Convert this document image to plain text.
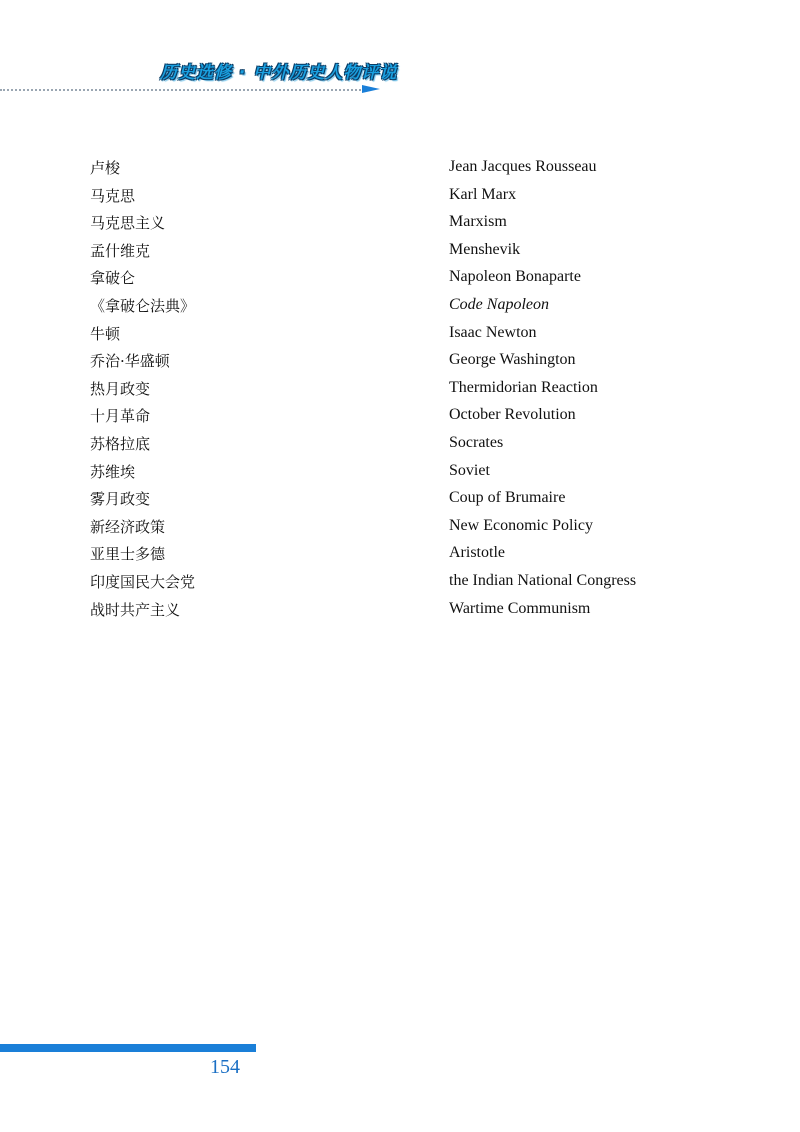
历史选修 · 中外历史人物评说
卢梭	Jean Jacques Rousseau
马克思	Karl Marx
马克思主义	Marxism
孟什维克	Menshevik
拿破仑	Napoleon Bonaparte
《拿破仑法典》	Code Napoleon
牛顿	Isaac Newton
乔治·华盛顿	George Washington
热月政变	Thermidorian Reaction
十月革命	October Revolution
苏格拉底	Socrates
苏维埃	Soviet
雾月政变	Coup of Brumaire
新经济政策	New Economic Policy
亚里士多德	Aristotle
印度国民大会党	the Indian National Congress
战时共产主义	Wartime Communism
154
